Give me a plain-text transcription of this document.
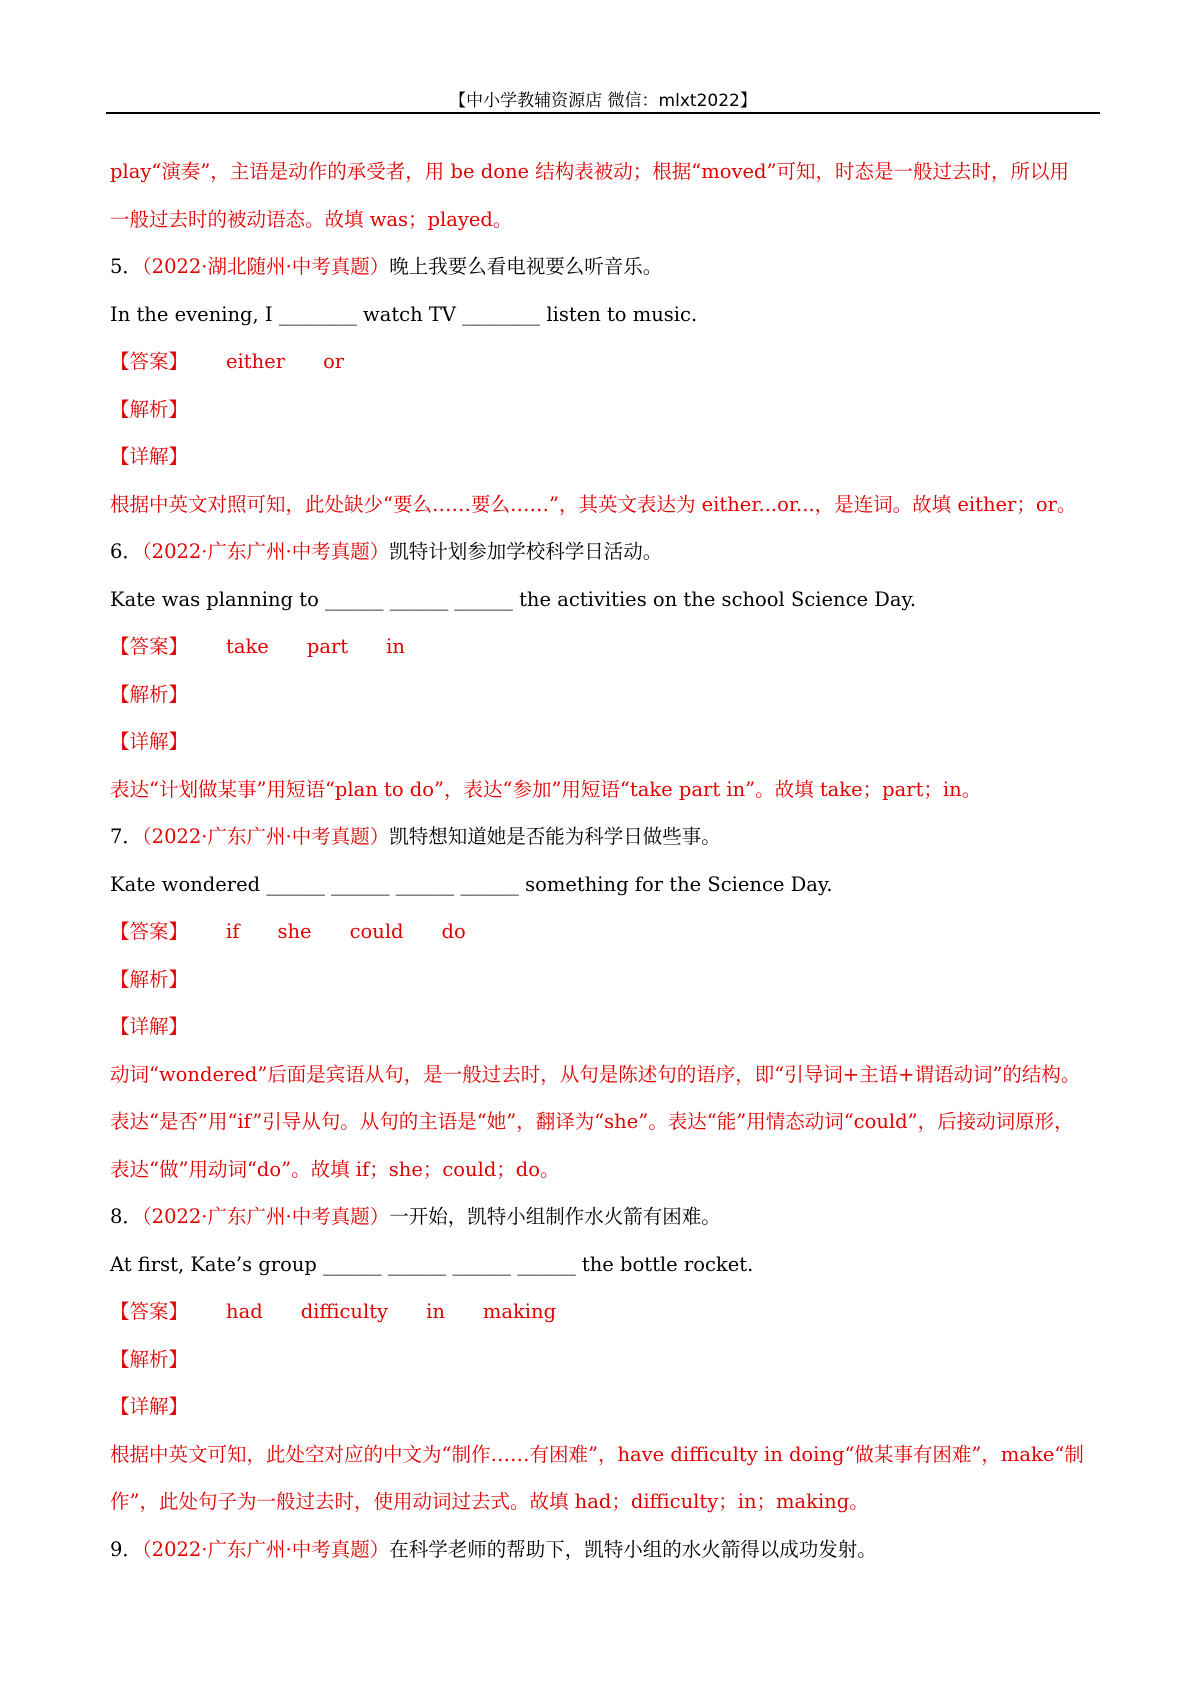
【中小学教辅资源店 微信：mlxt2022】
play“演奏”，主语是动作的承受者，用 be done 结构表被动；根据“moved”可知，时态是一般过去时，所以用
一般过去时的被动语态。故填 was；played。
5．（2022·湖北随州·中考真题）晚上我要么看电视要么听音乐。
In the evening, I ________ watch TV ________ listen to music.
【答案】 either or
【解析】
【详解】
根据中英文对照可知，此处缺少“要么……要么……”，其英文表达为 either...or...，是连词。故填 either；or。
6．（2022·广东广州·中考真题）凯特计划参加学校科学日活动。
Kate was planning to ______ ______ ______ the activities on the school Science Day.
【答案】 take part in
【解析】
【详解】
表达“计划做某事”用短语“plan to do”，表达“参加”用短语“take part in”。故填 take；part；in。
7．（2022·广东广州·中考真题）凯特想知道她是否能为科学日做些事。
Kate wondered ______ ______ ______ ______ something for the Science Day.
【答案】 if she could do
【解析】
【详解】
动词“wondered”后面是宾语从句，是一般过去时，从句是陈述句的语序，即“引导词+主语+谓语动词”的结构。
表达“是否”用“if”引导从句。从句的主语是“她”，翻译为“she”。表达“能”用情态动词“could”，后接动词原形，
表达“做”用动词“do”。故填 if；she；could；do。
8．（2022·广东广州·中考真题）一开始，凯特小组制作水火箭有困难。
At first, Kate’s group ______ ______ ______ ______ the bottle rocket.
【答案】 had difficulty in making
【解析】
【详解】
根据中英文可知，此处空对应的中文为“制作……有困难”，have difficulty in doing“做某事有困难”，make“制
作”，此处句子为一般过去时，使用动词过去式。故填 had；difficulty；in；making。
9．（2022·广东广州·中考真题）在科学老师的帮助下，凯特小组的水火箭得以成功发射。
